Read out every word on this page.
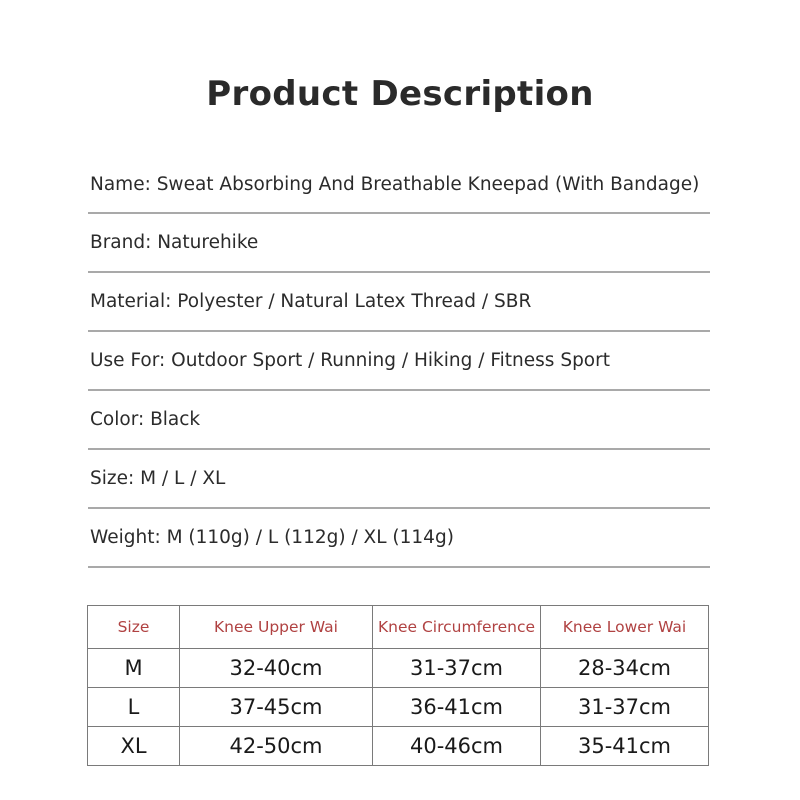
Product Description
Name: Sweat Absorbing And Breathable Kneepad (With Bandage)
Brand: Naturehike
Material: Polyester / Natural Latex Thread / SBR
Use For: Outdoor Sport / Running / Hiking / Fitness Sport
Color: Black
Size: M / L / XL
Weight: M (110g) / L (112g) / XL (114g)
Size	Knee Upper Wai	Knee Circumference	Knee Lower Wai
M	32-40cm	31-37cm	28-34cm
L	37-45cm	36-41cm	31-37cm
XL	42-50cm	40-46cm	35-41cm
